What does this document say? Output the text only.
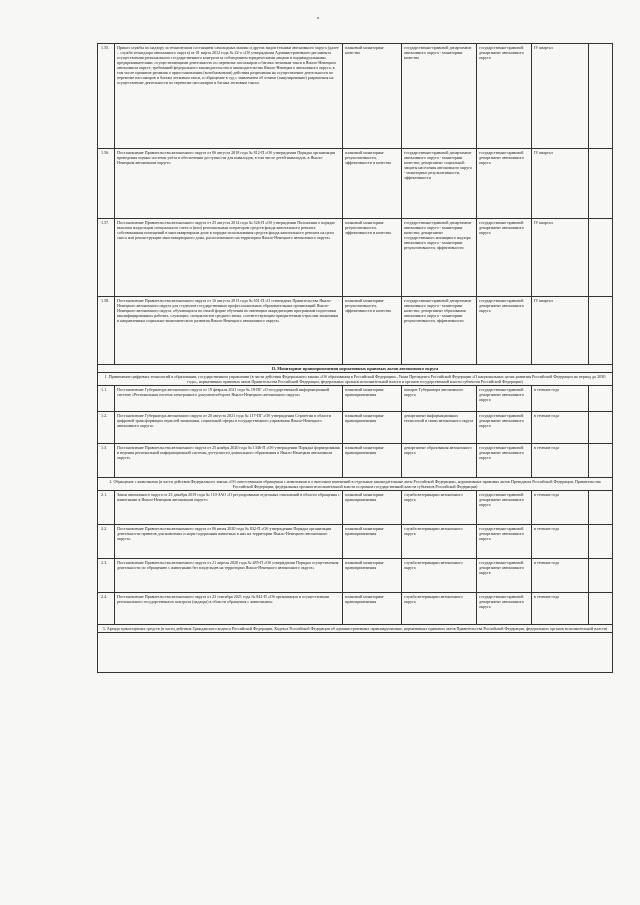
1.55.	Приказ службы по надзору за техническим состоянием самоходных машин и других видов техники автономного округа (далее – служба технадзора автономного округа) от 01 марта 2012 года № 22-о «Об утверждении Административного регламента осуществления регионального государственного контроля за соблюдением юридическими лицами и индивидуальными предпринимателями, осуществляющими деятельность по перевозке пассажиров и багажа легковым такси в Ямало-Ненецком автономном округе, требований федерального законодательства и законодательства Ямало-Ненецкого автономного округа, в том числе принятие решения о приостановлении (возобновлении) действия разрешения на осуществление деятельности по перевозке пассажиров и багажа легковым такси, и обращение в суд с заявлением об отмене (аннулировании) разрешения на осуществление деятельности по перевозке пассажиров и багажа легковым такси»	плановый мониторинг качества	государственно-правовой департамент автономного округа - мониторинг качества	государственно-правовой департамент автономного округа	IV квартал	
1.56.	Постановление Правительства автономного округа от 06 августа 2018 года № 812-П «Об утверждении Порядка организации проведения оценки системы учёта и обеспечения доступности для инвалидов, в том числе детей-инвалидов, в Ямало-Ненецком автономном округе»	плановый мониторинг результативности, эффективности и качества	государственно-правовой департамент автономного округа - мониторинг качества; департамент социальной защиты населения автономного округа - мониторинг результативности, эффективности	государственно-правовой департамент автономного округа	IV квартал	
1.57.	Постановление Правительства автономного округа от 25 августа 2014 года № 526-П «Об утверждении Положения о порядке выплаты владельцам специального счета и (или) региональным оператором средств фонда капитального ремонта собственникам помещений в многоквартирном доме в порядке использования средств фонда капитального ремонта на цели сноса или реконструкции многоквартирного дома, расположенного на территории Ямало-Ненецкого автономного округа»	плановый мониторинг результативности, эффективности и качества	государственно-правовой департамент автономного округа - мониторинг качества; департамент государственного жилищного надзора автономного округа - мониторинг результативности, эффективности	государственно-правовой департамент автономного округа	IV квартал	
1.58.	Постановление Правительства автономного округа от 16 августа 2013 года № 651-П «О стипендиях Правительства Ямало-Ненецкого автономного округа для студентов государственных профессиональных образовательных организаций Ямало-Ненецкого автономного округа, обучающихся по очной форме обучения по имеющим аккредитацию программам подготовки квалифицированных рабочих, служащих, специалистов среднего звена, соответствующим приоритетным отраслям экономики и направлениям социально-экономического развития Ямало-Ненецкого автономного округа»	плановый мониторинг результативности, эффективности и качества	государственно-правовой департамент автономного округа - мониторинг качества; департамент образования автономного округа - мониторинг результативности, эффективности	государственно-правовой департамент автономного округа	IV квартал	
II. Мониторинг правоприменения нормативных правовых актов автономного округа						
1. Применение цифровых технологий в образовании, государственном управлении (в части действия Федерального закона «Об образовании в Российской Федерации», Указа Президента Российской Федерации «О национальных целях развития Российской Федерации на период до 2030 года», нормативных правовых актов Правительства Российской Федерации, федеральных органов исполнительной власти и органов государственной власти субъектов Российской Федерации)						
1.1.	Постановление Губернатора автономного округа от 19 февраля 2021 года № 18-ПГ «О государственной информационной системе «Региональная система электронного документооборота Ямало-Ненецкого автономного округа»	плановый мониторинг правоприменения	аппарат Губернатора автономного округа	государственно-правовой департамент автономного округа	в течение года	
1.2.	Постановление Губернатора автономного округа от 20 августа 2021 года № 117-ПГ «Об утверждении Стратегии в области цифровой трансформации отраслей экономики, социальной сферы и государственного управления Ямало-Ненецкого автономного округа»	плановый мониторинг правоприменения	департамент информационных технологий и связи автономного округа	государственно-правовой департамент автономного округа	в течение года	
1.3.	Постановление Правительства автономного округа от 25 ноября 2020 года № 1346-П «Об утверждении Порядка формирования и ведения региональной информационной системы доступности дошкольного образования в Ямало-Ненецком автономном округе»	плановый мониторинг правоприменения	департамент образования автономного округа	государственно-правовой департамент автономного округа	в течение года	
2. Обращение с животными (в части действия Федерального закона «Об ответственном обращении с животными и о внесении изменений в отдельные законодательные акты Российской Федерации», нормативных правовых актов Президента Российской Федерации, Правительства Российской Федерации, федеральных органов исполнительной власти и органов государственной власти субъектов Российской Федерации)						
2.1.	Закон автономного округа от 23 декабря 2019 года № 110-ЗАО «О регулировании отдельных отношений в области обращения с животными в Ямало-Ненецком автономном округе»	плановый мониторинг правоприменения	служба ветеринарии автономного округа	государственно-правовой департамент автономного округа	в течение года	
2.2.	Постановление Правительства автономного округа от 06 июля 2020 года № 832-П «Об утверждении Порядка организации деятельности приютов для животных и норм содержания животных в них на территории Ямало-Ненецкого автономного округа»	плановый мониторинг правоприменения	служба ветеринарии автономного округа	государственно-правовой департамент автономного округа	в течение года	
2.3.	Постановление Правительства автономного округа от 21 апреля 2020 года № 485-П «Об утверждении Порядка осуществления деятельности по обращению с животными без владельцев на территории Ямало-Ненецкого автономного округа»	плановый мониторинг правоприменения	служба ветеринарии автономного округа	государственно-правовой департамент автономного округа	в течение года	
2.4.	Постановление Правительства автономного округа от 23 сентября 2021 года № 842-П «Об организации и осуществлении регионального государственного контроля (надзора) в области обращения с животными»	плановый мониторинг правоприменения	служба ветеринарии автономного округа	государственно-правовой департамент автономного округа	в течение года	
3. Аренда транспортных средств (в части действия Гражданского кодекса Российской Федерации, Кодекса Российской Федерации об административных правонарушениях, нормативных правовых актов Правительства Российской Федерации, федеральных органов исполнительной власти)						
